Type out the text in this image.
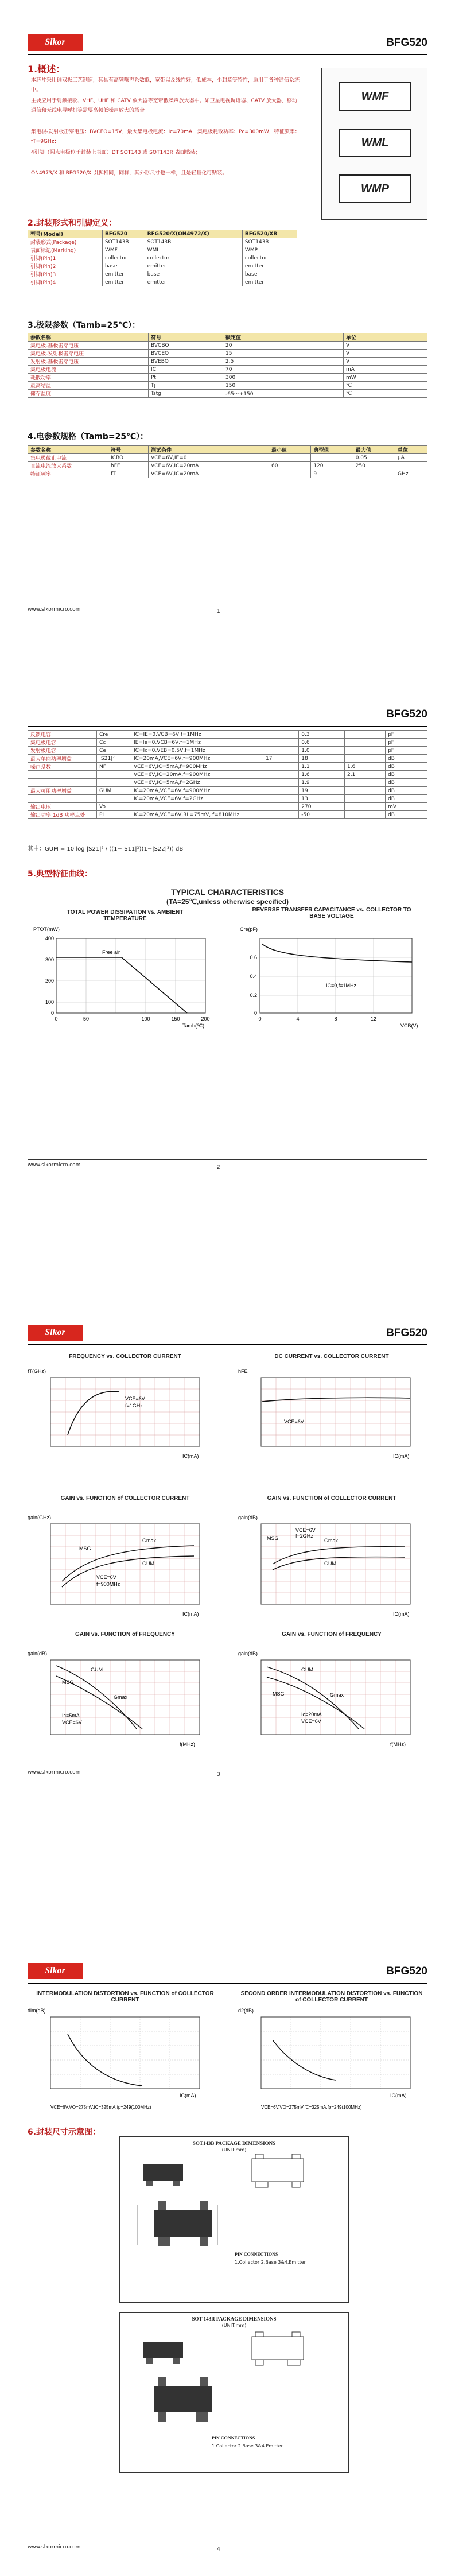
Slkor	BFG520
1.概述：
本芯片采用硅双极工艺制造，其具有高频噪声系数低，宽带以及线性好，低成本，小封装等特性，适用于各种通信系统中。
主要应用于射频接收、VHF、UHF 和 CATV 放大器等宽带低噪声放大器中。如卫星电视调谐器、CATV 放大器，移动通信和无线电寻呼机等需要高频低噪声放大的场合。
集电极-发射极击穿电压：BVCEO=15V，最大集电极电流：Ic=70mA，集电极耗散功率：Pc=300mW，特征频率：fT=9GHz；
4引脚（圆点电极位于封装上表面）DT SOT143 或 SOT143R 表面贴装；
ON4973/X 和 BFG520/X 引脚相同，同样，其外形尺寸也一样，且是轻量化可贴装。
WMF
WML
WMP
2.封装形式和引脚定义：
型号(Model)	BFG520	BFG520/X(ON4972/X)	BFG520/XR
封装形式(Package)	SOT143B	SOT143B	SOT143R
表面标记(Marking)	WMF	WML	WMP
引脚(Pin)1	collector	collector	collector
引脚(Pin)2	base	emitter	emitter
引脚(Pin)3	emitter	base	base
引脚(Pin)4	emitter	emitter	emitter
3.极限参数（Tamb=25℃）：
参数名称	符号	额定值	单位
集电极-基极击穿电压	BVCBO	20	V
集电极-发射极击穿电压	BVCEO	15	V
发射极-基极击穿电压	BVEBO	2.5	V
集电极电流	IC	70	mA
耗散功率	Pt	300	mW
最高结温	Tj	150	℃
储存温度	Tstg	-65～+150	℃
4.电参数规格（Tamb=25℃）：
参数名称	符号	测试条件	最小值	典型值	最大值	单位
集电极截止电流	ICBO	VCB=6V,IE=0			0.05	μA
直流电流放大系数	hFE	VCE=6V,IC=20mA	60	120	250	
特征频率	fT	VCE=6V,IC=20mA		9		GHz
www.slkormicro.com	1
BFG520
反馈电容	Cre	IC=IE=0,VCB=6V,f=1MHz		0.3		pF
集电极电容	Cc	IE=Ie=0,VCB=6V,f=1MHz		0.6		pF
发射极电容	Ce	IC=Ic=0,VEB=0.5V,f=1MHz		1.0		pF
最大单向功率增益	|S21|²	IC=20mA,VCE=6V,f=900MHz	17	18		dB
噪声系数	NF	VCE=6V,IC=5mA,f=900MHz		1.1	1.6	dB
		VCE=6V,IC=20mA,f=900MHz		1.6	2.1	dB
		VCE=6V,IC=5mA,f=2GHz		1.9		dB
最大可用功率增益	GUM	IC=20mA,VCE=6V,f=900MHz		19		dB
		IC=20mA,VCE=6V,f=2GHz		13		dB
输出电压	Vo			270		mV
输出功率 1dB 功率点处	PL	IC=20mA,VCE=6V,RL=75mV, f=810MHz		-50		dB
其中：GUM = 10 log |S21|² / ((1−|S11|²)(1−|S22|²)) dB
5.典型特征曲线：
TYPICAL CHARACTERISTICS
(TA=25℃,unless otherwise specified)
TOTAL POWER DISSIPATION vs. AMBIENT TEMPERATURE
PTOT(mW)
Free air
400
300
200
100
0
0	50	100	150	200
Tamb(℃)
REVERSE TRANSFER CAPACITANCE vs. COLLECTOR TO BASE VOLTAGE
Cre(pF)
IC=0,f=1MHz
0.6
0.4
0.2
0
0	4	8	12
VCB(V)
www.slkormicro.com	2
Slkor	BFG520
FREQUENCY vs. COLLECTOR CURRENT
fT(GHz)
VCE=6V
f=1GHz
IC(mA)
DC CURRENT vs. COLLECTOR CURRENT
hFE
VCE=6V
IC(mA)
GAIN vs. FUNCTION of COLLECTOR CURRENT
gain(GHz)
MSG
Gmax
GUM
VCE=6V
f=900MHz
IC(mA)
GAIN vs. FUNCTION of COLLECTOR CURRENT
gain(dB)
MSG	Gmax
GUM
VCE=6V
f=2GHz
IC(mA)
GAIN vs. FUNCTION of FREQUENCY
gain(dB)
MSG
GUM
Gmax
Ic=5mA
VCE=6V
f(MHz)
GAIN vs. FUNCTION of FREQUENCY
gain(dB)
MSG
GUM
Gmax
Ic=20mA
VCE=6V
f(MHz)
www.slkormicro.com	3
Slkor	BFG520
INTERMODULATION DISTORTION vs. FUNCTION of COLLECTOR CURRENT
dim(dB)
IC(mA)
VCE=6V,VO=275mV,fC=325mA,fp=249(100MHz)
SECOND ORDER INTERMODULATION DISTORTION vs. FUNCTION of COLLECTOR CURRENT
d2(dB)
IC(mA)
VCE=6V,VO=275mV,fC=325mA,fp=249(100MHz)
6.封装尺寸示意图：
SOT143B PACKAGE DIMENSIONS
(UNIT:mm)
PIN CONNECTIONS
1.Collector 2.Base 3&4.Emitter
SOT-143R PACKAGE DIMENSIONS
(UNIT:mm)
PIN CONNECTIONS
1.Collector 2.Base 3&4.Emitter
www.slkormicro.com	4
